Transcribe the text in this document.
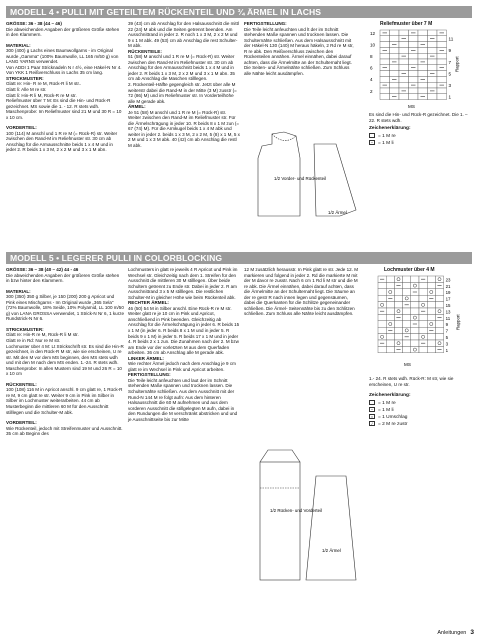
MODELL 4 • PULLI MIT GETEILTEM RÜCKENTEIL UND ¾ ÄRMEL IN LACHS

GRÖSSE: 36 - 38 (44 – 46)

Die abweichenden Angaben der größeren Größe stehen in den Klammern.

MATERIAL:

300 (400) g Lachs eines Baumwollgarns - im Original wurde „Gamma" (100% Baumwolle, LL 165 m/50 g) von LANG YARNS verwendet.

Von ADDI 1 Paar Stricknadeln N r 4½, eine Häkel-N Nr 4.

Von YKK 1 Reißverschluss in Lachs 35 cm lang.

STRICKMUSTER:

Glatt re: Hin- R re M, Rück-R li M str..

Glatt li: Alle M re str.

Glatt li: Hin-R li M, Rück-R re M str.

Reliefmuster über 7 M: Es sind die Hin- und Rück-R gezeichnet. MS sowie die 1. - 12. R stets wdh.

Maschenprobe: Im Reliefmuster sind 21 M und 30 R = 10 x 10 cm.

VORDERTEIL:

100 (114) M anschl und 1 R re M (= Rück-R) str. Weiter zwischen den Rand-M im Reliefmuster str. 30 cm ab Anschlag für die Armausschnitte beids 1 x 4 M und in jeder 2. R beids 1 x 3 M, 2 x 2 M und 3 x 1 M abn.

39 (43) cm ab Anschlag für den Halsausschnitt die mittl 22 (24) M abk und die Seiten getrennt beenden. Am Ausschnittrand in jeder 2. R noch 1 x 3 M, 2 x 2 M und 9 x 1 M abk. 49 (53) cm ab Anschlag die rest Schulter-M abk.

RÜCKENTEILE:

51 (58) M anschl und 1 R re M (= Rück-R) str. Weiter zwischen den Rand-M im Reliefmuster str. 30 cm ab Anschlag für den Armausschnitt beids 1 x 4 M und in jeder 2. R beids 1 x 3 M, 2 x 2 M und 3 x 1 M abn. 35 cm ab Anschlag die Maschen stilllegen.

2. Rückenteil-Hälfte gegengleich str. Jetzt über alle M weiterstr dabei die Rand-M in der Mitte (3 M) zusstr (= 72 (86) M) und im Reliefmuster str. In Vorderteilhöhe alle M gerade abk.

ÄRMEL:

Je 51 (58) M anschl und 1 R re M (= Rück-R) str. Weiter zwischen den Rand-M im Reliefmuster str. Für die Ärmelschrägung in jeder 10. R beids 8 x 1 M zun (= 67 (74) M). Für die Armkugel beids 1 x 4 M abk und weiter in jeder 2. beids 1 x 3 M, 2 x 2 M, 5 (8) x 1 M, 5 x 2 M und 1 x 3 M abk. 40 (42) cm ab Anschlag die restl M abk.

FERTIGSTELLUNG:

Die Teile leicht anfeuchten und lt der im Schnitt stehenden Maße spannen und trocknen lassen. Die Schulternähte schließen. Aus dem Halsausschnitt mit der Häkel-N 130 (140) M heraus häkeln, 2 Rd re M str, R re abk. Den Reißverschluss zwischen den Rückenteilen annähen. Ärmel einnähen, dabei darauf achten, dass die Ärmelmitte an der Schulternaht liegt. Die Seiten- und Ärmelnähte schließen. Zum Schluss alle Nähte leicht ausdämpfen.

Reliefmuster über 7 M
12
10
8
6
4
2
11
9
7
5
3
1
Rapport
MS
Es sind die Hin- und Rück-R gezeichnet. Die 1. – 22. R stets wdh.
Zeichenerklärung:
= 1 M re
− = 1 M li
1/2 Vorder- und Rückenteil
1/2 Ärmel
MODELL 5 • LEGERER PULLI IN COLORBLOCKING

GRÖSSE: 36 – 38 (40 – 42) 44 - 46

Die abweichenden Angaben der größeren Größe stehen in bzw hinter den Klammern.

MATERIAL:

300 (350) 350 g Silber, je 150 (200) 200 g Apricot und Pink eines Mischgarns - Im Original wurde „365 Sela" (72% Baumwolle, 18% Seide, 10% Polyamid, LL 100 m/50 g) von LANA GROSSA verwendet, 1 Strick-N Nr 6, 1 kurze Rundstrick-N Nr 6.

STRICKMUSTER:

Glatt re: Hin-R re M, Rück-R li M str.

Glatt re in Rd: Nur re M str.

Lochmuster über 4 M: Lt Strickschrift str. Es sind die Hin-R gezeichnet, in den Rück-R M str, wie sie erscheinen, U re str. Mit den M vor dem MS beginnen, den MS stets wdh und mit den M nach dem MS enden. 1.-24. R stets wdh.

Maschenprobe: In allen Mustern sind 19 M und 26 R = 10 x 10 cm

RÜCKENTEIL:

100 (108) 116 M in Apricot anschl. 9 cm glatt re, 1 Rück-R re M, 9 cm glatt re str. Weiter 9 cm in Pink im Silber in Silber im Lochmuster weiterarbeiten. 44 cm ab Musterbeginn die mittleren 60 M für den Ausschnitt stilllegen und die Schulter-M abk.

VORDERTEIL:

Wie Rückenteil, jedoch mit Streifenmuster und Ausschnitt. 35 cm ab Beginn des

Lochmusters in glatt re jeweils 4 R Apricot und Pink im Wechsel str. Gleichzeitig nach dem 1. Streifen für den Ausschnitt die mittleren 30 M stilllegen. Über beide Schultern getrennt zu Ende str. Dabei in jeder 2. R am Ausschnittrand 3 x 5 M stilllegen. Die restlichen Schulter-M in gleicher Höhe wie beim Rückenteil abk.

RECHTER ÄRMEL:

46 (50) 54 M in Silber anschl. Eine Rück-R re M str. Weiter glatt re je 10 cm in Pink und Apricot, anschließend in Pink beenden. Gleichzeitig ab Anschlag für die Ärmelschrägung in jeder 6. R beids 15 x 1 M (in jeder 6. R beids 8 x 1 M und in jeder 5. R beids 9 x 1 M) in jeder 5. R beids 17 x 1 M und in jeder 4. R beids 2 x 1 zun. Die Zunahmen nach der 2. M bzw am Ende vor der vorletzten M aus dem Querfaden arbeiten. 36 cm ab Anschlag alle M gerade abk.

LINKER ÄRMEL:

Wie rechter Ärmel jedoch nach dem Anschlag je 9 cm glatt re im Wechsel in Pink und Apricot arbeiten.

FERTIGSTELLUNG:

Die Teile leicht anfeuchten und laut der im Schnitt stehenden Maße spannen und trocknen lassen. Die Schulternähte schließen. Aus dem Ausschnitt mit der Rund-N 144 M re folgt aufn: Aus dem hinteren Halsausschnitt die 60 M aufnehmen und aus dem vorderen Ausschnitt die stillgelegten M aufn, dabei in den Rundungen die M verschränkt abstricken und und je Ausschnittseite bis zur Mitte

12 M zusätzlich herausstr. In Pink glatt re str. Jede 12. M markieren und folgend in jeder 2. Rd die markierte M mit der M davor re zusstr. Nach 6 cm 1 Rd li M str und die M re abk. Die Ärmel einnähen, dabei darauf achten, dass die Ärmelmitte an der Schulternaht liegt. Die Säume an der re gestr R nach innen legen und gegensäumen, dabei die Querkanten für die Schlitze gegeneinander schließen. Die Ärmel- Seitennähte bis zu den Schlitzen schließen. Zum Schluss alle Nähte leicht ausdämpfen.

Lochmuster über 4 M
23
21
19
17
15
13
11
9
7
5
3
1
Rapport
MS
1.- 24. R stets wdh. Rück-R: M str, wie sie erscheinen, U re str.
Zeichenerklärung:
= 1 M re
− = 1 M li
○ = 1 Umschlag
/ = 2 M re zustr
1/2 Rücken- und Vorderteil
1/2 Ärmel
Anleitungen 3
